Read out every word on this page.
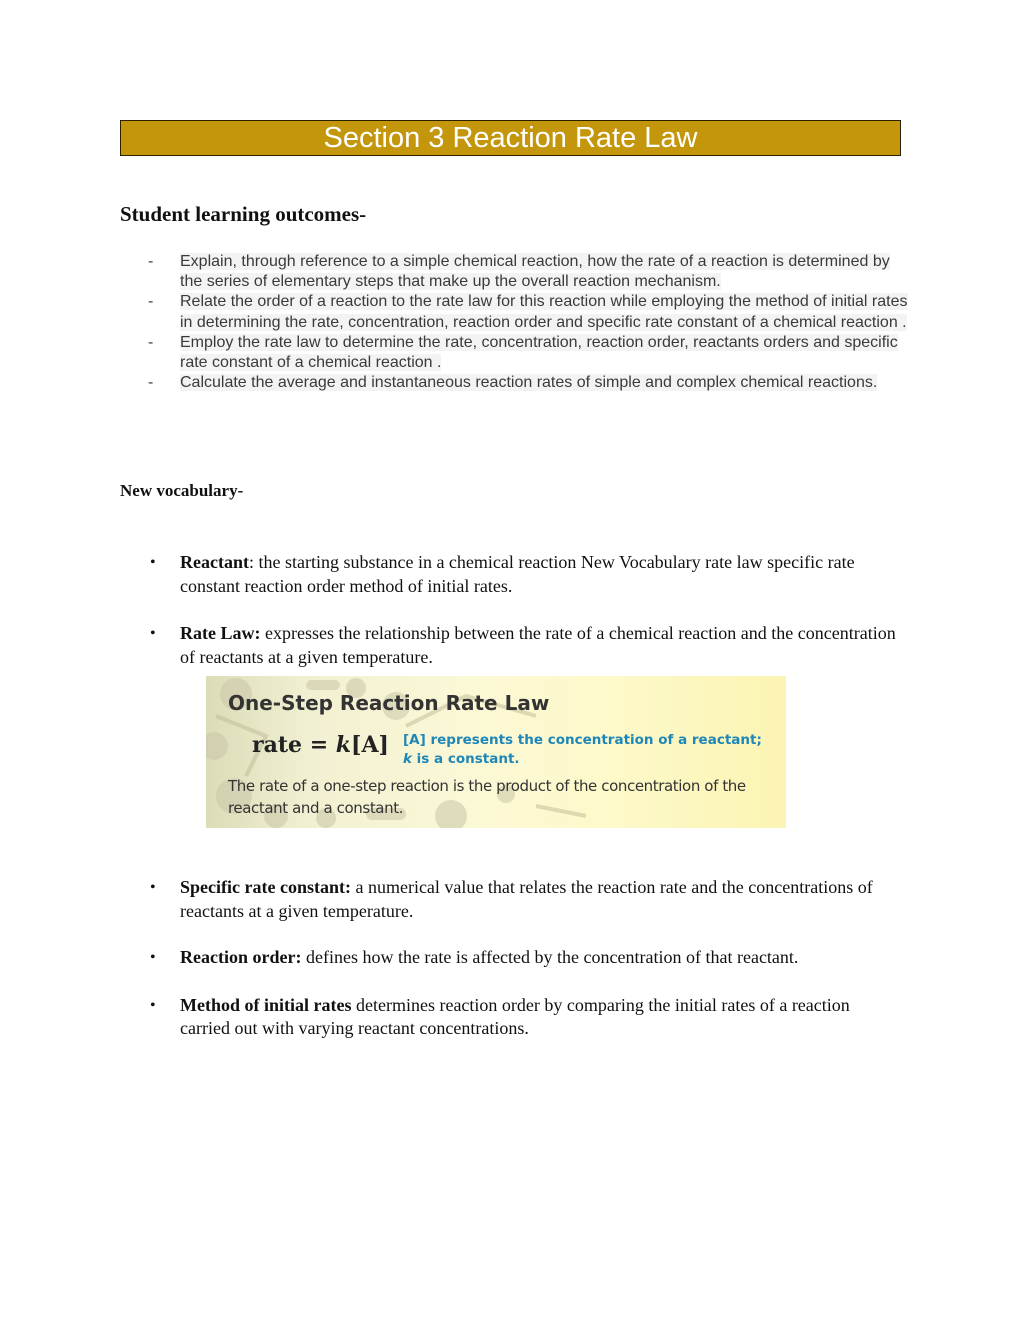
Section 3 Reaction Rate Law
Student learning outcomes-
- Explain, through reference to a simple chemical reaction, how the rate of a reaction is determined by the series of elementary steps that make up the overall reaction mechanism.
- Relate the order of a reaction to the rate law for this reaction while employing the method of initial rates in determining the rate, concentration, reaction order and specific rate constant of a chemical reaction .
- Employ the rate law to determine the rate, concentration, reaction order, reactants orders and specific rate constant of a chemical reaction .
- Calculate the average and instantaneous reaction rates of simple and complex chemical reactions.
New vocabulary-
• Reactant: the starting substance in a chemical reaction New Vocabulary rate law specific rate constant reaction order method of initial rates.
• Rate Law: expresses the relationship between the rate of a chemical reaction and the concentration of reactants at a given temperature.
One-Step Reaction Rate Law
rate = k[A] [A] represents the concentration of a reactant;
k is a constant.
The rate of a one-step reaction is the product of the concentration of the reactant and a constant.
• Specific rate constant: a numerical value that relates the reaction rate and the concentrations of reactants at a given temperature.
• Reaction order: defines how the rate is affected by the concentration of that reactant.
• Method of initial rates determines reaction order by comparing the initial rates of a reaction carried out with varying reactant concentrations.
